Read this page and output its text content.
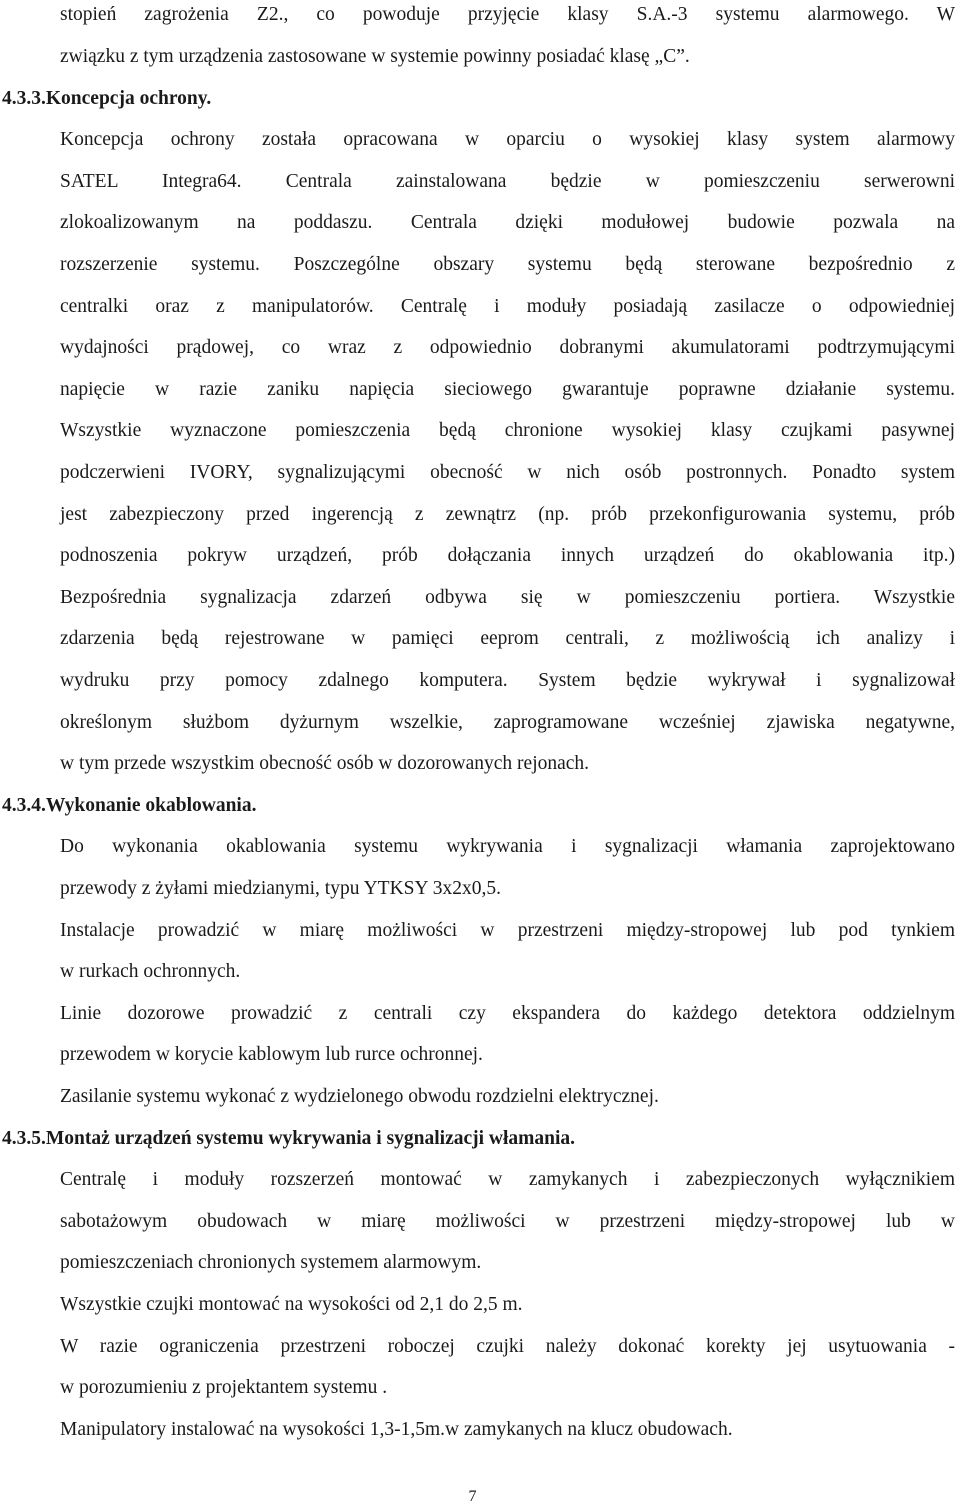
stopień zagrożenia Z2., co powoduje przyjęcie klasy S.A.-3 systemu alarmowego. W
związku z tym urządzenia zastosowane w systemie powinny posiadać klasę „C”.
4.3.3.Koncepcja ochrony.
Koncepcja ochrony została opracowana w oparciu o wysokiej klasy system alarmowy
SATEL Integra64. Centrala zainstalowana będzie w pomieszczeniu serwerowni
zlokoalizowanym na poddaszu. Centrala dzięki modułowej budowie pozwala na
rozszerzenie systemu. Poszczególne obszary systemu będą sterowane bezpośrednio z
centralki oraz z manipulatorów. Centralę i moduły posiadają zasilacze o odpowiedniej
wydajności prądowej, co wraz z odpowiednio dobranymi akumulatorami podtrzymującymi
napięcie w razie zaniku napięcia sieciowego gwarantuje poprawne działanie systemu.
Wszystkie wyznaczone pomieszczenia będą chronione wysokiej klasy czujkami pasywnej
podczerwieni IVORY, sygnalizującymi obecność w nich osób postronnych. Ponadto system
jest zabezpieczony przed ingerencją z zewnątrz (np. prób przekonfigurowania systemu, prób
podnoszenia pokryw urządzeń, prób dołączania innych urządzeń do okablowania itp.)
Bezpośrednia sygnalizacja zdarzeń odbywa się w pomieszczeniu portiera. Wszystkie
zdarzenia będą rejestrowane w pamięci eeprom centrali, z możliwością ich analizy i
wydruku przy pomocy zdalnego komputera. System będzie wykrywał i sygnalizował
określonym służbom dyżurnym wszelkie, zaprogramowane wcześniej zjawiska negatywne,
w tym przede wszystkim obecność osób w dozorowanych rejonach.
4.3.4.Wykonanie okablowania.
Do wykonania okablowania systemu wykrywania i sygnalizacji włamania zaprojektowano
przewody z żyłami miedzianymi, typu YTKSY 3x2x0,5.
Instalacje prowadzić w miarę możliwości w przestrzeni między-stropowej lub pod tynkiem
w rurkach ochronnych.
Linie dozorowe prowadzić z centrali czy ekspandera do każdego detektora oddzielnym
przewodem w korycie kablowym lub rurce ochronnej.
Zasilanie systemu wykonać z wydzielonego obwodu rozdzielni elektrycznej.
4.3.5.Montaż urządzeń systemu wykrywania i sygnalizacji włamania.
Centralę i moduły rozszerzeń montować w zamykanych i zabezpieczonych wyłącznikiem
sabotażowym obudowach w miarę możliwości w przestrzeni między-stropowej lub w
pomieszczeniach chronionych systemem alarmowym.
Wszystkie czujki montować na wysokości od 2,1 do 2,5 m.
W razie ograniczenia przestrzeni roboczej czujki należy dokonać korekty jej usytuowania -
w porozumieniu z projektantem systemu .
Manipulatory instalować na wysokości 1,3-1,5m.w zamykanych na klucz obudowach.
7
